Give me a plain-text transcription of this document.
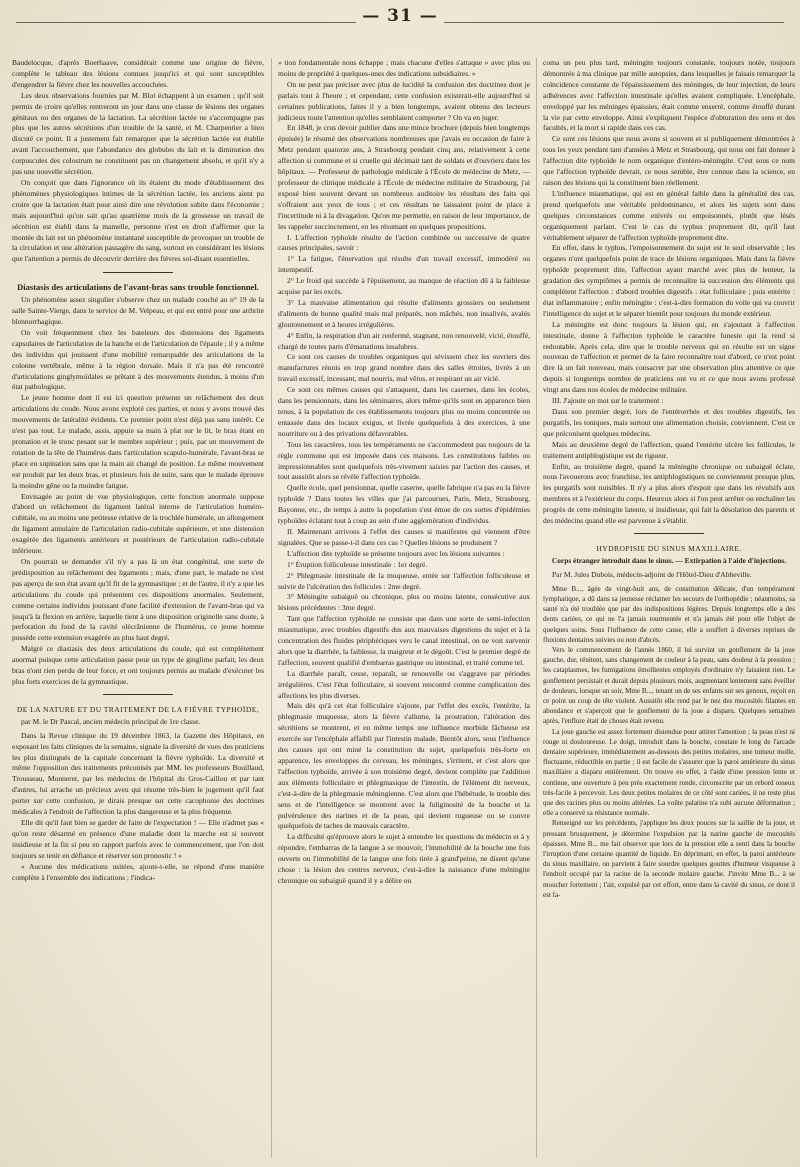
— 31 —

Baudelocque, d'après Boerhaave, considérait comme une origine de fièvre, complète le tableau des lésions connues jusqu'ici et qui sont susceptibles d'engendrer la fièvre chez les nouvelles accouchées.

Les deux observations fournies par M. Blot échappent à un examen ; qu'il soit permis de croire qu'elles rentreront un jour dans une classe de lésions des organes génitaux ou des organes de la lactation. La sécrétion lactée ne s'accompagne pas plus que les autres sécrétions d'un trouble de la santé, et M. Charpentier a bien discuté ce point. Il a justement fait remarquer que la sécrétion lactée est établie avant l'accouchement, que l'abondance des globules du lait et la diminution des corpuscules des colostrum ne constituent pas un changement absolu, et qu'il n'y a pas une nouvelle sécrétion.

On conçoit que dans l'ignorance où ils étaient du mode d'établissement des phénomènes physiologiques intimes de la sécrétion lactée, les anciens aient pu croire que la lactation était pour ainsi dire une révolution subite dans l'économie ; mais aujourd'hui qu'on sait qu'au quatrième mois de la grossesse un travail de sécrétion est établi dans la mamelle, personne n'est en droit d'affirmer que la montée du lait est un phénomène instantané susceptible de provoquer un trouble de la circulation et une altération passagère du sang, surtout en considérant les lésions que l'attention a permis de découvrir derrière des fièvres soi-disant essentielles.

Diastasis des articulations de l'avant-bras sans trouble fonctionnel.

Un phénomène assez singulier s'observe chez un malade couché au n° 19 de la salle Sainte-Vierge, dans le service de M. Velpeau, et qui est entré pour une arthrite blennorrhagique.

On voit fréquemment chez les bateleurs des distensions des ligaments capsulaires de l'articulation de la hanche et de l'articulation de l'épaule ; il y a même des individus qui jouissent d'une mobilité remarquable des articulations de la colonne vertébrale, même à la région dorsale. Mais il n'a pas été rencontré d'articulations ginglymoïdales se prêtant à des mouvements étendus, à moins d'un état pathologique.

Le jeune homme dont il est ici question présente un relâchement des deux articulations du coude. Nous avons exploré ces parties, et nous y avons trouvé des mouvements de latéralité évidents. Ce premier point n'est déjà pas sans intérêt. Ce n'est pas tout. Le malade, assis, appuie sa main à plat sur le lit, le bras étant en pronation et le tronc pesant sur le membre supérieur ; puis, par un mouvement de rotation de la tête de l'humérus dans l'articulation scapulo-humérale, l'avant-bras se place en supination sans que la main ait changé de position. Le même mouvement est produit par les deux bras, et plusieurs fois de suite, sans que le malade éprouve la moindre gêne ou la moindre fatigue.

Envisagée au point de vue physiologique, cette fonction anormale suppose d'abord un relâchement du ligament latéral interne de l'articulation huméro-cubitale, ou au moins une petitesse relative de la trochlée humérale, un allongement du ligament annulaire de l'articulation radio-cubitale supérieure, et une distension exagérée des ligaments antérieurs et postérieurs de l'articulation radio-cubitale inférieure.

On pourrait se demander s'il n'y a pas là un état congénital, une sorte de prédisposition au relâchement des ligaments ; mais, d'une part, le malade ne s'est pas aperçu de son état avant qu'il fit de la gymnastique ; et de l'autre, il n'y a que les articulations du coude qui présentent ces dispositions anormales. Seulement, comme certains individus jouissant d'une facilité d'extension de l'avant-bras qui va jusqu'à la flexion en arrière, laquelle tient à une disposition originelle sans doute, à perforation du fond de la cavité olécrânienne de l'humérus, ce jeune homme possède cette extension exagérée au plus haut degré.

Malgré ce diastasis des deux articulations du coude, qui est complètement anormal puisque cette articulation passe pour un type de ginglime parfait, les deux bras n'ont rien perdu de leur force, et ont toujours permis au malade d'exécuter les plus forts exercices de la gymnastique.

DE LA NATURE ET DU TRAITEMENT DE LA FIÈVRE TYPHOÏDE,

par M. le Dr Pascal, ancien médecin principal de 1re classe.

Dans la Revue clinique du 19 décembre 1863, la Gazette des Hôpitaux, en exposant les faits cliniques de la semaine, signale la diversité de vues des praticiens les plus distingués de la capitale concernant la fièvre typhoïde. La diversité et même l'opposition des traitements préconisés par MM. les professeurs Bouillaud, Trousseau, Monneret, par les médecins de l'hôpital du Gros-Caillou et par tant d'autres, lui arrache un précieux aveu qui résume très-bien le jugement qu'il faut porter sur cette confusion, je dirais presque sur cette cacophonie des doctrines médicales à l'endroit de l'affection la plus dangereuse et la plus fréquente.

Elle dit qu'il faut bien se garder de faire de l'expectation ! — Elle n'admet pas « qu'on reste désarmé en présence d'une maladie dont la marche est si souvent insidieuse et la fin si peu en rapport parfois avec le commencement, que l'on doit toujours se tenir en défiance et réserver son pronostic ! »

« Aucune des médications usitées, ajoute-t-elle, ne répond d'une manière complète à l'ensemble des indications ; l'indica-

» tion fondamentale nous échappe ; mais chacune d'elles s'attaque » avec plus ou moins de propriété à quelques-unes des indications subsidiaires. »

On ne peut pas préciser avec plus de lucidité la confusion des doctrines dont je parlais tout à l'heure ; et cependant, cette confusion existerait-elle aujourd'hui si certaines publications, faites il y a bien longtemps, avaient obtenu des lecteurs judicieux toute l'attention qu'elles semblaient comporter ? On va en juger.

En 1848, je crus devoir publier dans une mince brochure (depuis bien longtemps épuisée) le résumé des observations nombreuses que j'avais eu occasion de faire à Metz pendant quatorze ans, à Strasbourg pendant cinq ans, relativement à cette affection si commune et si cruelle qui décimait tant de soldats et d'ouvriers dans les hôpitaux. — Professeur de pathologie médicale à l'École de médecine de Metz, — professeur de clinique médicale à l'École de médecine militaire de Strasbourg, j'ai exposé bien souvent devant un nombreux auditoire les résultats des faits qui s'offraient aux yeux de tous ; et ces résultats ne laissaient point de place à l'incertitude ni à la divagation. Qu'on me permette, en raison de leur importance, de les rappeler succinctement, en les résumant en quelques propositions.

I. L'affection typhoïde résulte de l'action combinée ou successive de quatre causes principales, savoir :

1° La fatigue, l'énervation qui résulte d'un travail excessif, immodéré ou intempestif.

2° Le froid qui succède à l'épuisement, au manque de réaction dû à la faiblesse acquise par les excès.

3° La mauvaise alimentation qui résulte d'aliments grossiers ou seulement d'aliments de bonne qualité mais mal préparés, non mâchés, non insalivés, avalés gloutonnement et à heures irrégulières.

4° Enfin, la respiration d'un air renfermé, stagnant, non renouvelé, vicié, étouffé, chargé de toutes parts d'émanations insalubres.

Ce sont ces causes de troubles organiques qui sévissent chez les ouvriers des manufactures réunis en trop grand nombre dans des salles étroites, livrés à un travail excessif, incessant, mal nourris, mal vêtus, et respirant un air vicié.

Ce sont ces mêmes causes qui s'attaquent, dans les casernes, dans les écoles, dans les pensionnats, dans les séminaires, alors même qu'ils sont en apparence bien tenus, à la population de ces établissements toujours plus ou moins concentrée ou entassée dans des locaux exigus, et livrée quelquefois à des exercices, à une nourriture ou à des privations défavorables.

Tous les caractères, tous les tempéraments ne s'accommodent pas toujours de la règle commune qui est imposée dans ces maisons. Les constitutions faibles ou impressionnables sont quelquefois très-vivement saisies par l'action des causes, et tout aussitôt alors se révèle l'affection typhoïde.

Quelle école, quel pensionnat, quelle caserne, quelle fabrique n'a pas eu la fièvre typhoïde ? Dans toutes les villes que j'ai parcourues, Paris, Metz, Strasbourg, Bayonne, etc., de temps à autre la population s'est émue de ces sortes d'épidémies typhoïdes éclatant tout à coup au sein d'une agglomération d'individus.

II. Maintenant arrivons à l'effet des causes si manifestes qui viennent d'être signalées. Que se passe-t-il dans ces cas ? Quelles lésions se produisent ?

L'affection dite typhoïde se présente toujours avec les lésions suivantes :

1° Éruption folliculeuse intestinale : 1er degré.

2° Phlegmasie intestinale de la muqueuse, entée sur l'affection folliculeuse et suivie de l'ulcération des follicules : 2me degré.

3° Méningite subaiguë ou chronique, plus ou moins latente, consécutive aux lésions précédentes : 3me degré.

Tant que l'affection typhoïde ne consiste que dans une sorte de semi-infection miasmatique, avec troubles digestifs dus aux mauvaises digestions du sujet et à la concentration des fluides périphériques vers le canal intestinal, on ne voit survenir alors que la diarrhée, la faiblesse, la maigreur et le dégoût. C'est le premier degré de l'affection, souvent qualifié d'embarras gastrique ou intestinal, et traité comme tel.

La diarrhée paraît, cesse, reparaît, se renouvelle ou s'aggrave par périodes irrégulières. C'est l'état folliculaire, si souvent rencontré comme complication des affections les plus diverses.

Mais dès qu'à cet état folliculaire s'ajoute, par l'effet des excès, l'entérite, la phlegmasie muqueuse, alors la fièvre s'allume, la prostration, l'altération des sécrétions se montrent, et en même temps une influence morbide fâcheuse est exercée sur l'encéphale affaibli par l'intestin malade. Bientôt alors, sous l'influence des causes qui ont miné la constitution du sujet, quelquefois très-forte en apparence, les enveloppes du cerveau, les méninges, s'irritent, et c'est alors que l'affection typhoïde, arrivée à son troisième degré, devient complète par l'addition aux éléments folliculaire et phlegmasique de l'intestin, de l'élément dit nerveux, c'est-à-dire de la phlegmasie méningienne. C'est alors que l'hébétude, le trouble des sens et de l'intelligence se montrent avec la fuliginosité de la bouche et la pulvérulence des narines et de la peau, qui devient rugueuse ou se couvre quelquefois de taches de mauvais caractère.

La difficulté qu'éprouve alors le sujet à entendre les questions du médecin et à y répondre, l'embarras de la langue à se mouvoir, l'immobilité de la bouche une fois ouverte ou l'immobilité de la langue une fois tirée à grand'peine, ne disent qu'une chose : la lésion des centres nerveux, c'est-à-dire la naissance d'une méningite chronique ou subaiguë quand il y a délire ou

coma un peu plus tard, méningite toujours constatée, toujours notée, toujours démontrée à ma clinique par mille autopsies, dans lesquelles je faisais remarquer la coïncidence constante de l'épaississement des méninges, de leur injection, de leurs adhérences avec l'affection intestinale qu'elles avaient compliquée. L'encéphale, enveloppé par les méninges épaissies, était comme enserré, comme étouffé durant la vie par cette enveloppe. Ainsi s'expliquent l'espèce d'obturation des sens et des facultés, et la mort si rapide dans ces cas.

Ce sont ces lésions que nous avons si souvent et si publiquement démontrées à tous les yeux pendant tant d'années à Metz et Strasbourg, qui nous ont fait donner à l'affection dite typhoïde le nom organique d'entéro-méningite. C'est sous ce nom que l'affection typhoïde devrait, ce nous semble, être connue dans la science, en raison des lésions qui la constituent bien réellement.

L'influence miasmatique, qui est en général faible dans la généralité des cas, prend quelquefois une véritable prédominance, et alors les sujets sont dans quelques circonstances comme enivrés ou empoisonnés, plutôt que lésés organiquement parlant. C'est le cas du typhus proprement dit, qu'il faut véritablement séparer de l'affection typhoïde proprement dite.

En effet, dans le typhus, l'empoisonnement du sujet est le seul observable ; les organes n'ont quelquefois point de trace de lésions organiques. Mais dans la fièvre typhoïde proprement dite, l'affection ayant marché avec plus de lenteur, la gradation des symptômes a permis de reconnaître la succession des éléments qui complètent l'affection : d'abord troubles digestifs : état folliculaire ; puis entérite : état inflammatoire ; enfin méningite : c'est-à-dire formation du voile qui va couvrir l'intelligence du sujet et le séparer bientôt pour toujours du monde extérieur.

La méningite est donc toujours la lésion qui, en s'ajoutant à l'affection intestinale, donne à l'affection typhoïde le caractère funeste qui la rend si redoutable. Après cela, dire que le trouble nerveux qui en résulte est un signe nouveau de l'affection et permet de la faire reconnaître tout d'abord, ce n'est point dire là un fait nouveau, mais consacrer par une observation plus attentive ce que depuis si longtemps nombre de praticiens ont vu et ce que nous avons professé vingt ans dans nos écoles de médecine militaire.

III. J'ajoute un mot sur le traitement :

Dans son premier degré, lors de l'entérorrhée et des troubles digestifs, les purgatifs, les toniques, mais surtout une alimentation choisie, conviennent. C'est ce que préconisent quelques médecins.

Mais au deuxième degré de l'affection, quand l'entérite ulcère les follicules, le traitement antiphlogistique est de rigueur.

Enfin, au troisième degré, quand la méningite chronique ou subaiguë éclate, nous l'avouerons avec franchise, les antiphlogistiques ne conviennent presque plus, les purgatifs sont nuisibles. Il n'y a plus alors d'espoir que dans les révulsifs aux membres et à l'extérieur du corps. Heureux alors si l'on peut arrêter ou enchaîner les progrès de cette méningite latente, si insidieuse, qui fait la désolation des parents et des médecins quand elle est parvenue à s'établir.

HYDROPISIE DU SINUS MAXILLAIRE.

Corps étranger introduit dans le sinus. — Extirpation à l'aide d'injections.

Par M. Jules Dubois, médecin-adjoint de l'Hôtel-Dieu d'Abbeville.

Mme B..., âgée de vingt-huit ans, de constitution délicate, d'un tempérament lymphatique, a dû dans sa jeunesse réclamer les secours de l'orthopédie ; néanmoins, sa santé n'a été troublée que par des indispositions légères. Depuis longtemps elle a des dents cariées, ce qui ne l'a jamais tourmentée et n'a jamais été pour elle l'objet de quelques soins. Sous l'influence de cette cause, elle a souffert à diverses reprises de fluxions dentaires suivies ou non d'abcès.

Vers le commencement de l'année 1860, il lui survint un gonflement de la joue gauche, dur, rénitent, sans changement de couleur à la peau, sans douleur à la pression ; les cataplasmes, les fumigations émollientes employés d'ordinaire n'y faisaient rien. Le gonflement persistait et durait depuis plusieurs mois, augmentant lentement sans éveiller de douleurs, lorsque un soir, Mme B..., tenant un de ses enfants sur ses genoux, reçoit en ce point un coup de tête violent. Aussitôt elle rend par le nez des mucosités filantes en abondance et s'aperçoit que le gonflement de la joue a disparu. Quelques semaines après, l'enflure était de choses était revenu.

La joue gauche est assez fortement distendue pour attirer l'attention ; la peau n'est ni rouge ni douloureuse. Le doigt, introduit dans la bouche, constate le long de l'arcade dentaire supérieure, immédiatement au-dessous des petites molaires, une tumeur molle, fluctuante, réductible en partie ; il est facile de s'assurer que la paroi antérieure du sinus maxillaire a disparu entièrement. On trouve en effet, à l'aide d'une pression lente et continue, une ouverture à peu près exactement ronde, circonscrite par un rebord osseux très-facile à percevoir. Les deux petites molaires de ce côté sont cariées, il ne reste plus que des racines plus ou moins altérées. La voûte palatine n'a subi aucune déformation ; elle a conservé sa résistance normale.

Renseigné sur les précédents, j'applique les deux pouces sur la saillie de la joue, et pressant brusquement, je détermine l'expulsion par la narine gauche de mucosités épaisses. Mme B... me fait observer que lors de la pression elle a senti dans la bouche l'irruption d'une certaine quantité de liquide. En déprimant, en effet, la paroi antérieure du sinus maxillaire, on parvient à faire sourdre quelques gouttes d'humeur visqueuse à l'endroit occupé par la racine de la seconde molaire gauche. J'invite Mme B... à se moucher fortement ; l'air, expulsé par cet effort, entre dans la cavité du sinus, ce dont il est fa-
